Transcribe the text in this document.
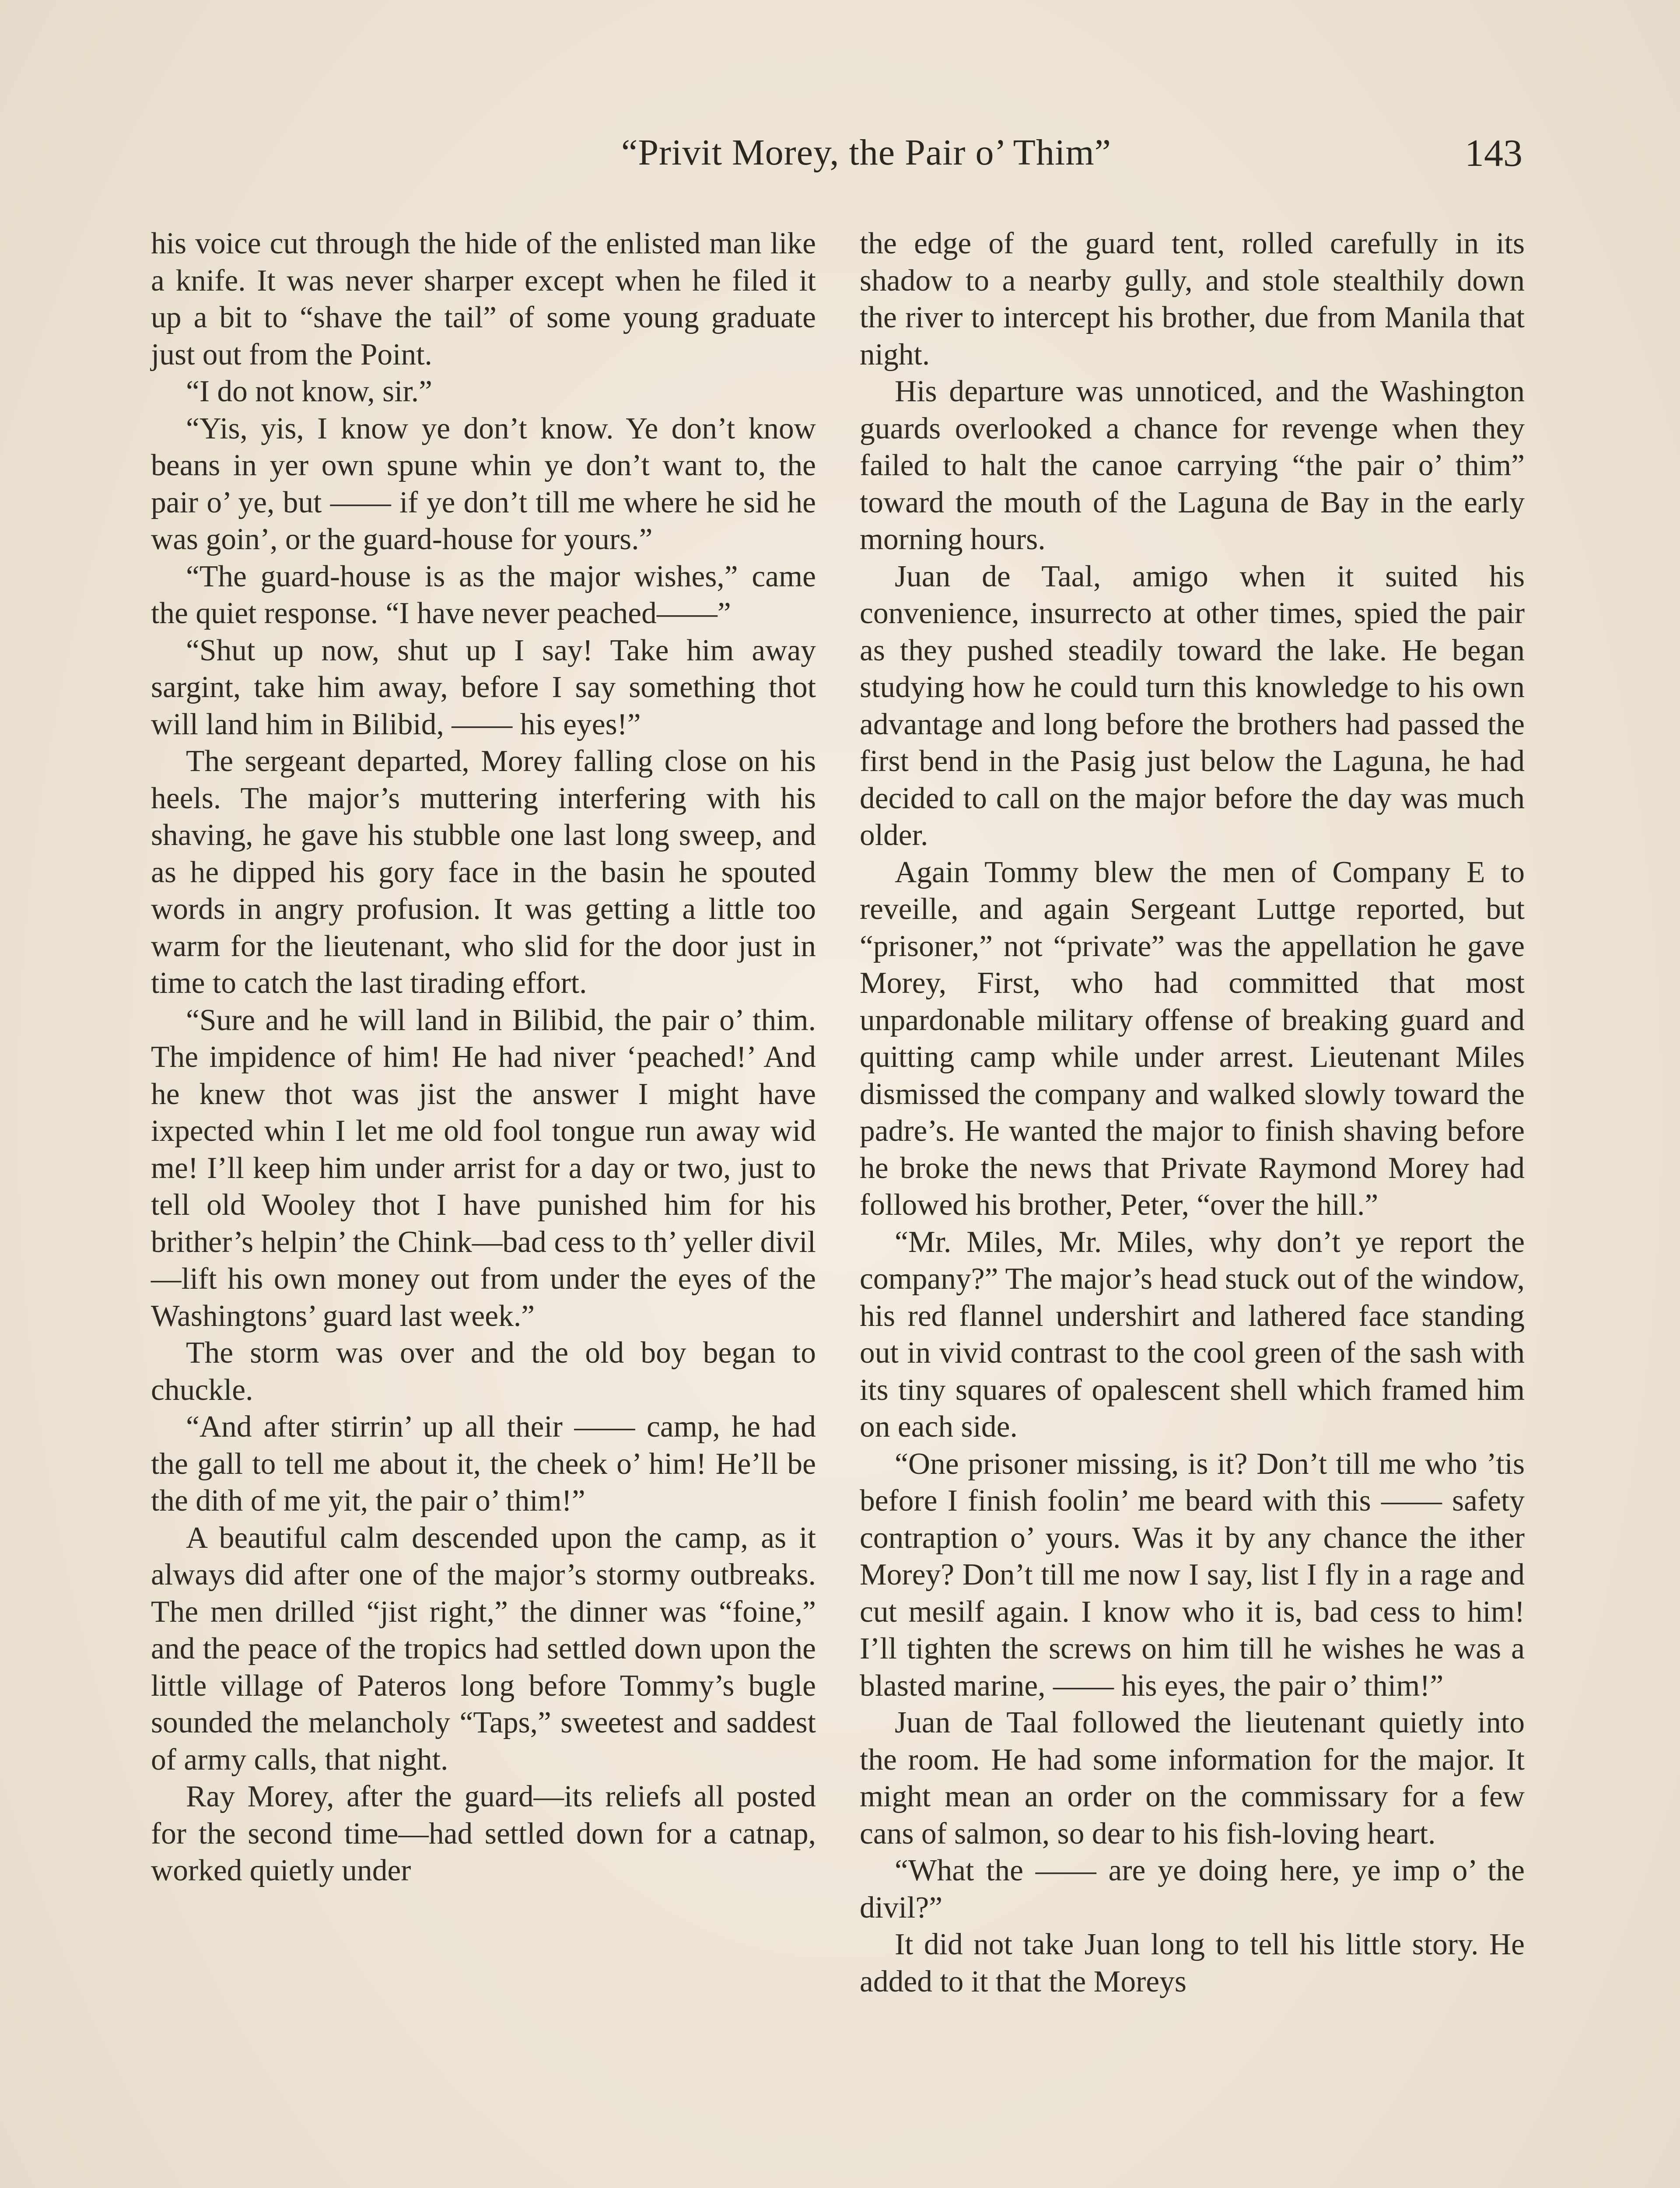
“Privit Morey, the Pair o’ Thim”	143

his voice cut through the hide of the enlisted man like a knife. It was never sharper except when he filed it up a bit to “shave the tail” of some young graduate just out from the Point.

“I do not know, sir.”

“Yis, yis, I know ye don’t know. Ye don’t know beans in yer own spune whin ye don’t want to, the pair o’ ye, but —— if ye don’t till me where he sid he was goin’, or the guard-house for yours.”

“The guard-house is as the major wishes,” came the quiet response. “I have never peached——”

“Shut up now, shut up I say! Take him away sargint, take him away, before I say something thot will land him in Bilibid, —— his eyes!”

The sergeant departed, Morey falling close on his heels. The major’s muttering interfering with his shaving, he gave his stubble one last long sweep, and as he dipped his gory face in the basin he spouted words in angry profusion. It was getting a little too warm for the lieutenant, who slid for the door just in time to catch the last tirading effort.

“Sure and he will land in Bilibid, the pair o’ thim. The impidence of him! He had niver ‘peached!’ And he knew thot was jist the answer I might have ixpected whin I let me old fool tongue run away wid me! I’ll keep him under arrist for a day or two, just to tell old Wooley thot I have punished him for his brither’s helpin’ the Chink—bad cess to th’ yeller divil—lift his own money out from under the eyes of the Washingtons’ guard last week.”

The storm was over and the old boy began to chuckle.

“And after stirrin’ up all their —— camp, he had the gall to tell me about it, the cheek o’ him! He’ll be the dith of me yit, the pair o’ thim!”

A beautiful calm descended upon the camp, as it always did after one of the major’s stormy outbreaks. The men drilled “jist right,” the dinner was “foine,” and the peace of the tropics had settled down upon the little village of Pateros long before Tommy’s bugle sounded the melancholy “Taps,” sweetest and saddest of army calls, that night.

Ray Morey, after the guard—its reliefs all posted for the second time—had settled down for a catnap, worked quietly under

the edge of the guard tent, rolled carefully in its shadow to a nearby gully, and stole stealthily down the river to intercept his brother, due from Manila that night.

His departure was unnoticed, and the Washington guards overlooked a chance for revenge when they failed to halt the canoe carrying “the pair o’ thim” toward the mouth of the Laguna de Bay in the early morning hours.

Juan de Taal, amigo when it suited his convenience, insurrecto at other times, spied the pair as they pushed steadily toward the lake. He began studying how he could turn this knowledge to his own advantage and long before the brothers had passed the first bend in the Pasig just below the Laguna, he had decided to call on the major before the day was much older.

Again Tommy blew the men of Company E to reveille, and again Sergeant Luttge reported, but “prisoner,” not “private” was the appellation he gave Morey, First, who had committed that most unpardonable military offense of breaking guard and quitting camp while under arrest. Lieutenant Miles dismissed the company and walked slowly toward the padre’s. He wanted the major to finish shaving before he broke the news that Private Raymond Morey had followed his brother, Peter, “over the hill.”

“Mr. Miles, Mr. Miles, why don’t ye report the company?” The major’s head stuck out of the window, his red flannel undershirt and lathered face standing out in vivid contrast to the cool green of the sash with its tiny squares of opalescent shell which framed him on each side.

“One prisoner missing, is it? Don’t till me who ’tis before I finish foolin’ me beard with this —— safety contraption o’ yours. Was it by any chance the ither Morey? Don’t till me now I say, list I fly in a rage and cut mesilf again. I know who it is, bad cess to him! I’ll tighten the screws on him till he wishes he was a blasted marine, —— his eyes, the pair o’ thim!”

Juan de Taal followed the lieutenant quietly into the room. He had some information for the major. It might mean an order on the commissary for a few cans of salmon, so dear to his fish-loving heart.

“What the —— are ye doing here, ye imp o’ the divil?”

It did not take Juan long to tell his little story. He added to it that the Moreys
